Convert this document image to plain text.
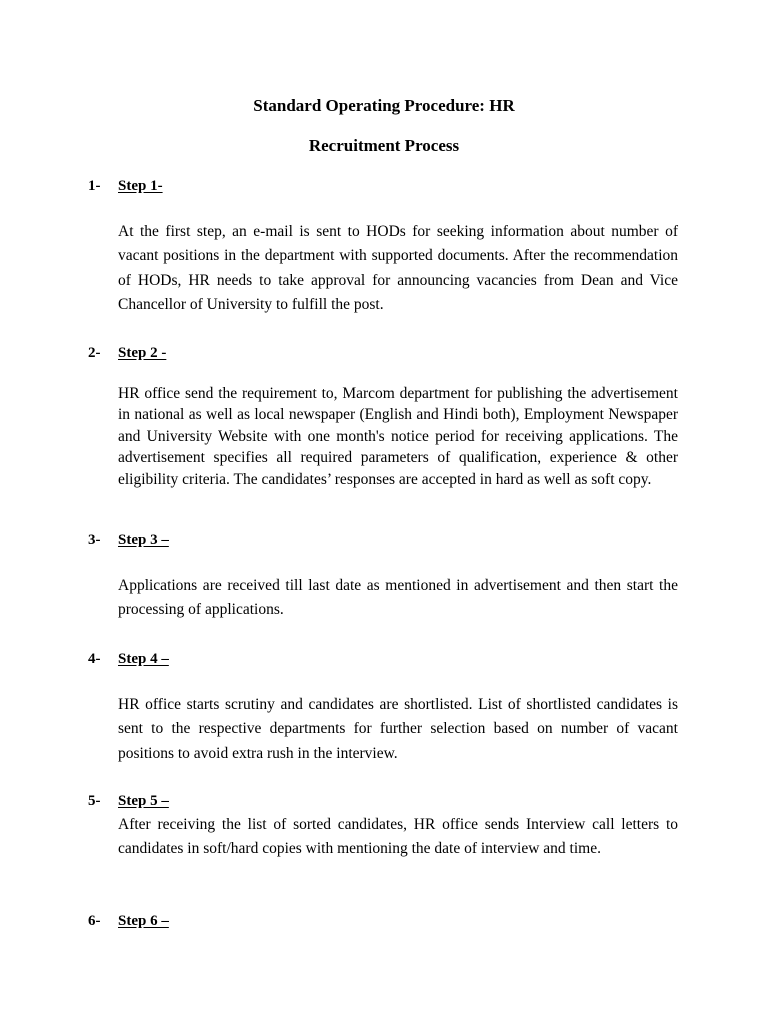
Standard Operating Procedure: HR
Recruitment Process
1- Step 1-

At the first step, an e-mail is sent to HODs for seeking information about number of vacant positions in the department with supported documents. After the recommendation of HODs, HR needs to take approval for announcing vacancies from Dean and Vice Chancellor of University to fulfill the post.

2- Step 2 -

HR office send the requirement to, Marcom department for publishing the advertisement in national as well as local newspaper (English and Hindi both), Employment Newspaper and University Website with one month's notice period for receiving applications. The advertisement specifies all required parameters of qualification, experience & other eligibility criteria. The candidates’ responses are accepted in hard as well as soft copy.

3- Step 3 –

Applications are received till last date as mentioned in advertisement and then start the processing of applications.

4- Step 4 –

HR office starts scrutiny and candidates are shortlisted. List of shortlisted candidates is sent to the respective departments for further selection based on number of vacant positions to avoid extra rush in the interview.

5- Step 5 –

After receiving the list of sorted candidates, HR office sends Interview call letters to candidates in soft/hard copies with mentioning the date of interview and time.

6- Step 6 –
